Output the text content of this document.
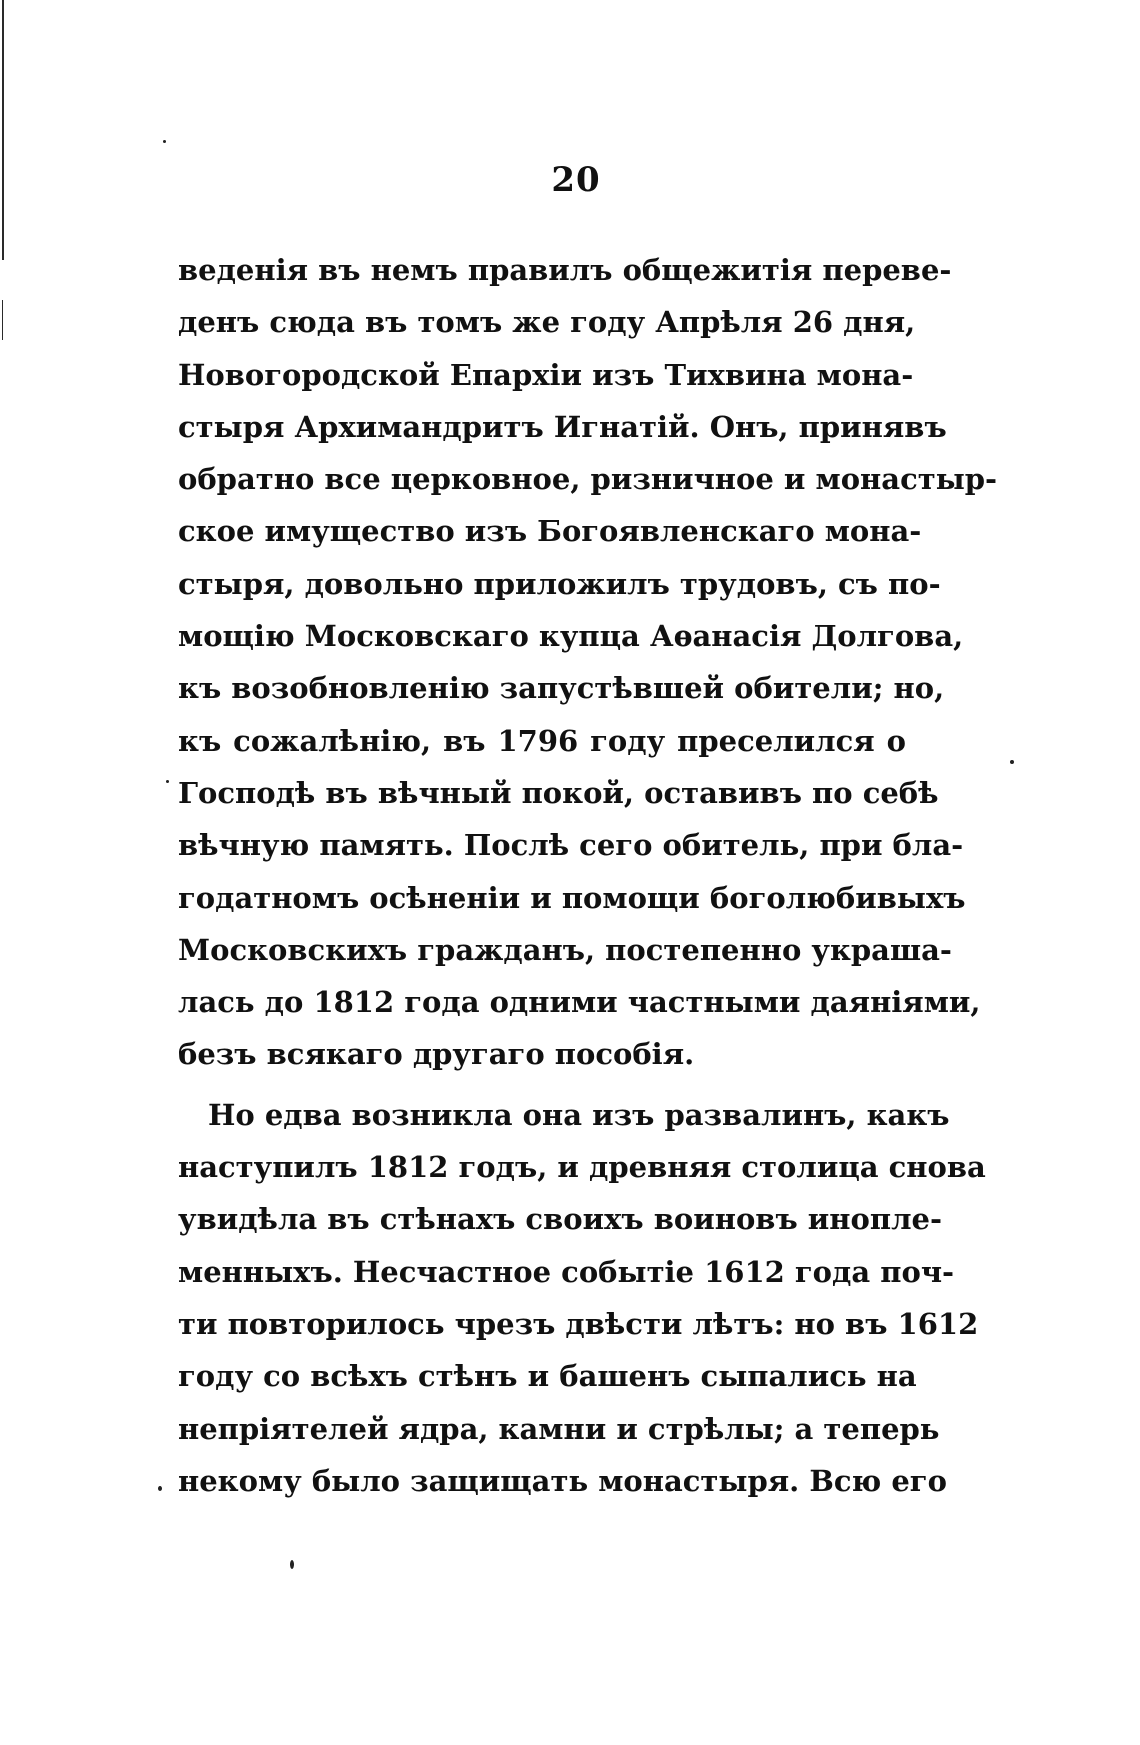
20
веденія въ немъ правилъ общежитія переве-
денъ сюда въ томъ же году Апрѣля 26 дня,
Новогородской Епархіи изъ Тихвина мона-
стыря Архимандритъ Игнатій. Онъ, принявъ
обратно все церковное, ризничное и монастыр-
ское имущество изъ Богоявленскаго мона-
стыря, довольно приложилъ трудовъ, съ по-
мощію Московскаго купца Аѳанасія Долгова,
къ возобновленію запустѣвшей обители; но,
къ сожалѣнію, въ 1796 году преселился о
Господѣ въ вѣчный покой, оставивъ по себѣ
вѣчную память. Послѣ сего обитель, при бла-
годатномъ осѣненіи и помощи боголюбивыхъ
Московскихъ гражданъ, постепенно украша-
лась до 1812 года одними частными даяніями,
безъ всякаго другаго пособія.
Но едва возникла она изъ развалинъ, какъ
наступилъ 1812 годъ, и древняя столица снова
увидѣла въ стѣнахъ своихъ воиновъ инопле-
менныхъ. Несчастное событіе 1612 года поч-
ти повторилось чрезъ двѣсти лѣтъ: но въ 1612
году со всѣхъ стѣнъ и башенъ сыпались на
непріятелей ядра, камни и стрѣлы; а теперь
некому было защищать монастыря. Всю его
